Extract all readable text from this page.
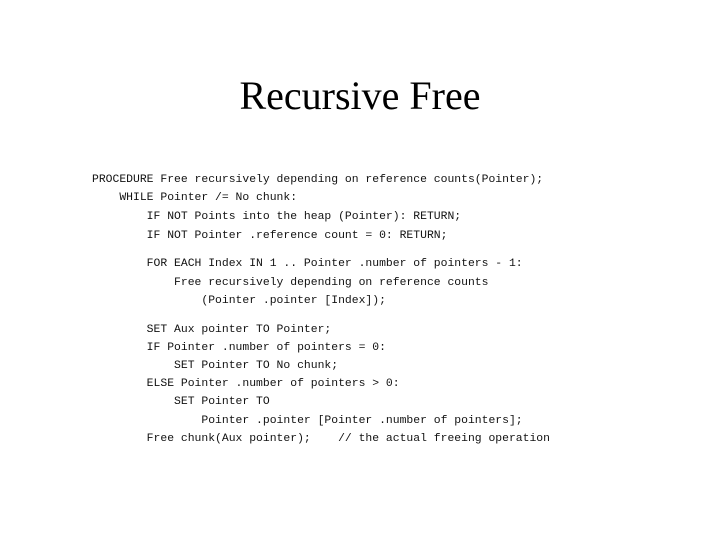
Recursive Free
PROCEDURE Free recursively depending on reference counts(Pointer);
WHILE Pointer /= No chunk:
IF NOT Points into the heap (Pointer): RETURN;
IF NOT Pointer .reference count = 0: RETURN;
FOR EACH Index IN 1 .. Pointer .number of pointers - 1:
Free recursively depending on reference counts
(Pointer .pointer [Index]);
SET Aux pointer TO Pointer;
IF Pointer .number of pointers = 0:
SET Pointer TO No chunk;
ELSE Pointer .number of pointers > 0:
SET Pointer TO
Pointer .pointer [Pointer .number of pointers];
Free chunk(Aux pointer);    // the actual freeing operation
